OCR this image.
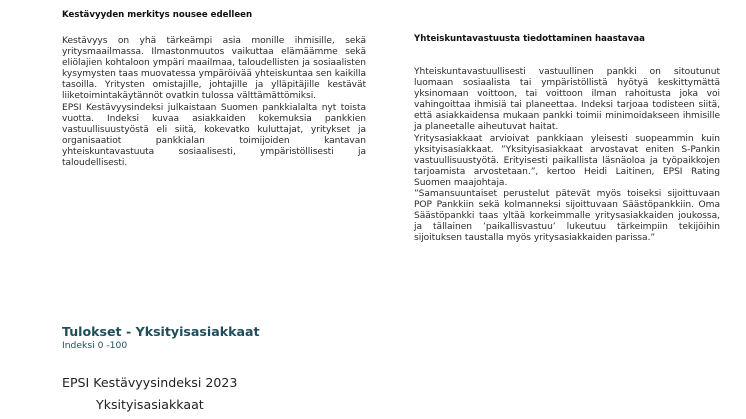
Kestävyyden merkitys nousee edelleen

Kestävyys on yhä tärkeämpi asia monille ihmisille, sekä yritysmaailmassa. Ilmastonmuutos vaikuttaa elämäämme sekä eliölajien kohtaloon ympäri maailmaa, taloudellisten ja sosiaalisten kysymysten taas muovatessa ympäröivää yhteiskuntaa sen kaikilla tasoilla. Yritysten omistajille, johtajille ja ylläpitäjille kestävät liiketoimintakäytännöt ovatkin tulossa välttämättömiksi.

EPSI Kestävyysindeksi julkaistaan Suomen pankkialalta nyt toista vuotta. Indeksi kuvaa asiakkaiden kokemuksia pankkien vastuullisuustyöstä eli siitä, kokevatko kuluttajat, yritykset ja organisaatiot pankkialan toimijoiden kantavan yhteiskuntavastuuta sosiaalisesti, ympäristöllisesti ja taloudellisesti.

Tulokset - Yksityisasiakkaat
Indeksi 0 -100
EPSI Kestävyysindeksi 2023
Yksityisasiakkaat
Yhteiskuntavastuusta tiedottaminen haastavaa

Yhteiskuntavastuullisesti vastuullinen pankki on sitoutunut luomaan sosiaalista tai ympäristöllistä hyötyä keskittymättä yksinomaan voittoon, tai voittoon ilman rahoitusta joka voi vahingoittaa ihmisiä tai planeettaa. Indeksi tarjoaa todisteen siitä, että asiakkaidensa mukaan pankki toimii minimoidakseen ihmisille ja planeetalle aiheutuvat haitat.

Yritysasiakkaat arvioivat pankkiaan yleisesti suopeammin kuin yksityisasiakkaat. ”Yksityisasiakkaat arvostavat eniten S-Pankin vastuullisuustyötä. Erityisesti paikallista läsnäoloa ja työpaikkojen tarjoamista arvostetaan.”, kertoo Heidi Laitinen, EPSI Rating Suomen maajohtaja.

”Samansuuntaiset perustelut pätevät myös toiseksi sijoittuvaan POP Pankkiin sekä kolmanneksi sijoittuvaan Säästöpankkiin. Oma Säästöpankki taas yltää korkeimmalle yritysasiakkaiden joukossa, ja tällainen ’paikallisvastuu’ lukeutuu tärkeimpiin tekijöihin sijoituksen taustalla myös yritysasiakkaiden parissa.”
